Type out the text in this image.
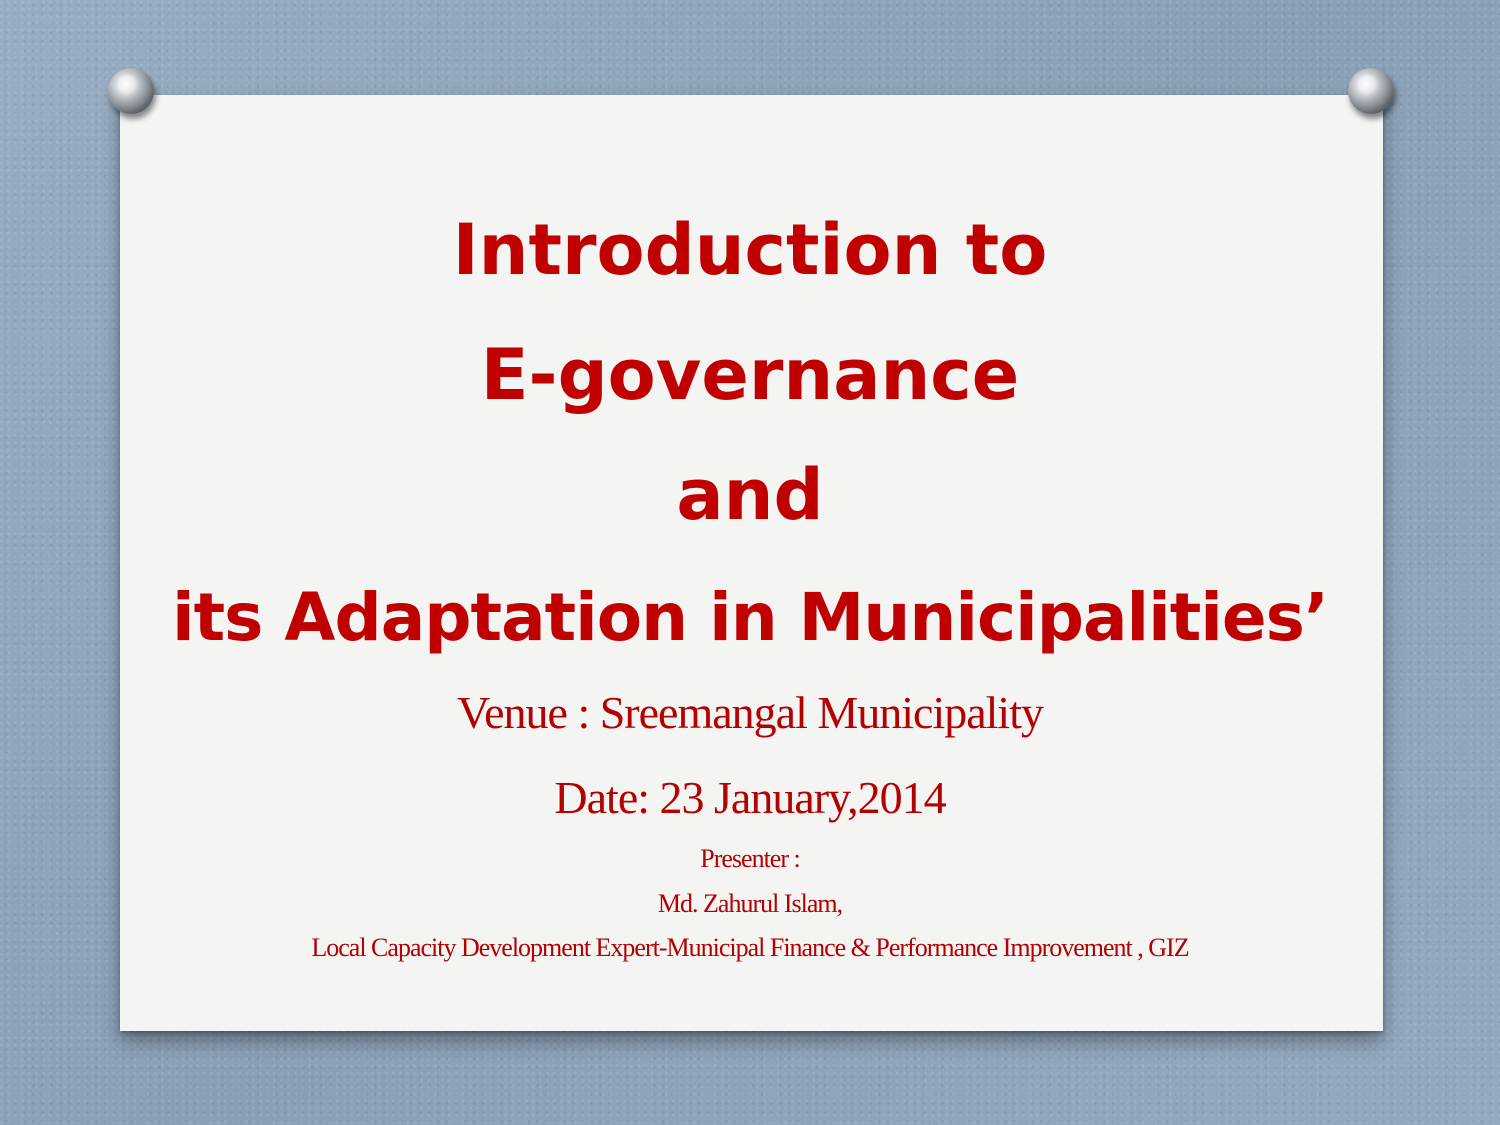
Introduction to
E-governance
and
its Adaptation in Municipalities’
Venue : Sreemangal Municipality
Date: 23 January,2014
Presenter :
Md. Zahurul Islam,
Local Capacity Development Expert-Municipal Finance & Performance Improvement , GIZ
